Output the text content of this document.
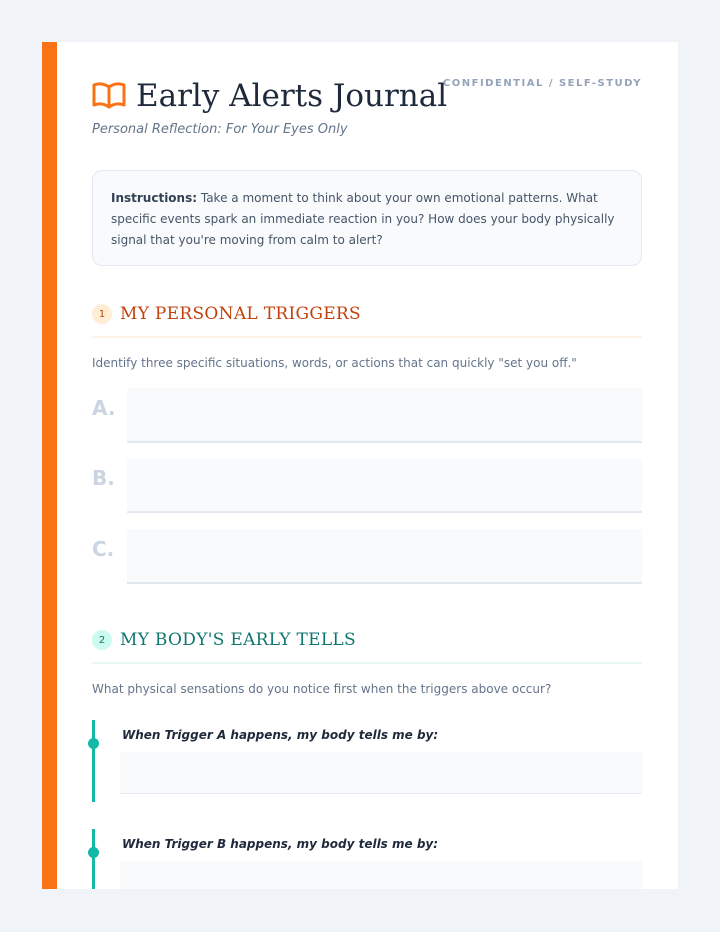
CONFIDENTIAL / SELF-STUDY
Early Alerts Journal
Personal Reflection: For Your Eyes Only
Instructions: Take a moment to think about your own emotional patterns. What specific events spark an immediate reaction in you? How does your body physically signal that you're moving from calm to alert?
1 MY PERSONAL TRIGGERS
Identify three specific situations, words, or actions that can quickly "set you off."
A.
B.
C.
2 MY BODY'S EARLY TELLS
What physical sensations do you notice first when the triggers above occur?
When Trigger A happens, my body tells me by:
When Trigger B happens, my body tells me by:
